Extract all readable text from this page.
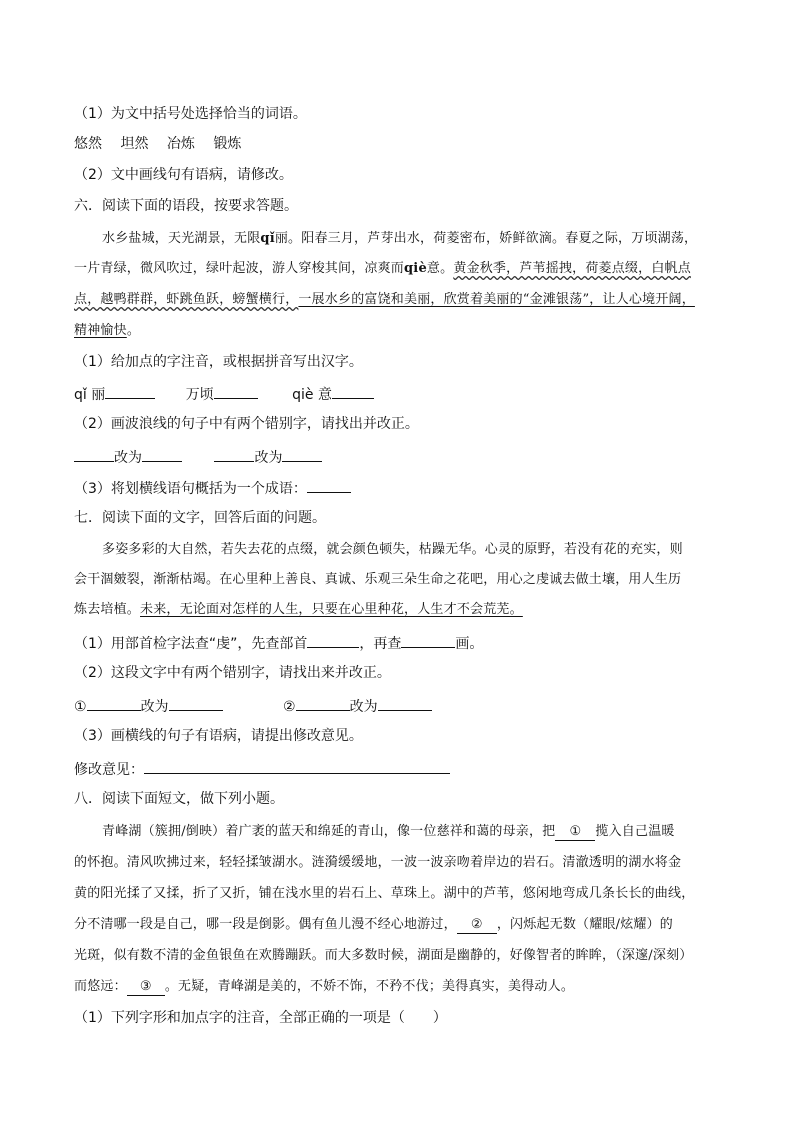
（1）为文中括号处选择恰当的词语。
悠然 坦然 冶炼 锻炼
（2）文中画线句有语病，请修改。
六．阅读下面的语段，按要求答题。
水乡盐城，天光湖景，无限qǐ丽。阳春三月，芦芽出水，荷菱密布，娇鲜欲滴。春夏之际，万顷湖荡，
一片青绿，微风吹过，绿叶起波，游人穿梭其间，凉爽而qiè意。黄金秋季，芦苇摇拽，荷菱点缀，白帆点
点，越鸭群群，虾跳鱼跃，螃蟹横行，一展水乡的富饶和美丽，欣赏着美丽的“金滩银荡”，让人心境开阔，
精神愉快。
（1）给加点的字注音，或根据拼音写出汉字。
qǐ 丽	万顷	qiè 意
（2）画波浪线的句子中有两个错别字，请找出并改正。
改为	改为
（3）将划横线语句概括为一个成语：
七．阅读下面的文字，回答后面的问题。
多姿多彩的大自然，若失去花的点缀，就会颜色顿失，枯躁无华。心灵的原野，若没有花的充实，则
会干涸皴裂，渐渐枯竭。在心里种上善良、真诚、乐观三朵生命之花吧，用心之虔诚去做土壤，用人生历
炼去培植。未来，无论面对怎样的人生，只要在心里种花，人生才不会荒芜。
（1）用部首检字法查“虔”，先查部首	，再查	画。
（2）这段文字中有两个错别字，请找出来并改正。
①	改为	②	改为
（3）画横线的句子有语病，请提出修改意见。
修改意见：
八．阅读下面短文，做下列小题。
青峰湖（簇拥/倒映）着广袤的蓝天和绵延的青山，像一位慈祥和蔼的母亲，把 ① 揽入自己温暖
的怀抱。清风吹拂过来，轻轻揉皱湖水。涟漪缓缓地，一波一波亲吻着岸边的岩石。清澈透明的湖水将金
黄的阳光揉了又揉，折了又折，铺在浅水里的岩石上、草珠上。湖中的芦苇，悠闲地弯成几条长长的曲线，
分不清哪一段是自己，哪一段是倒影。偶有鱼儿漫不经心地游过， ② ，闪烁起无数（耀眼/炫耀）的
光斑，似有数不清的金鱼银鱼在欢腾蹦跃。而大多数时候，湖面是幽静的，好像智者的眸眸，（深邃/深刻）
而悠远： ③ 。无疑，青峰湖是美的，不娇不饰，不矜不伐；美得真实，美得动人。
（1）下列字形和加点字的注音，全部正确的一项是（　　）
